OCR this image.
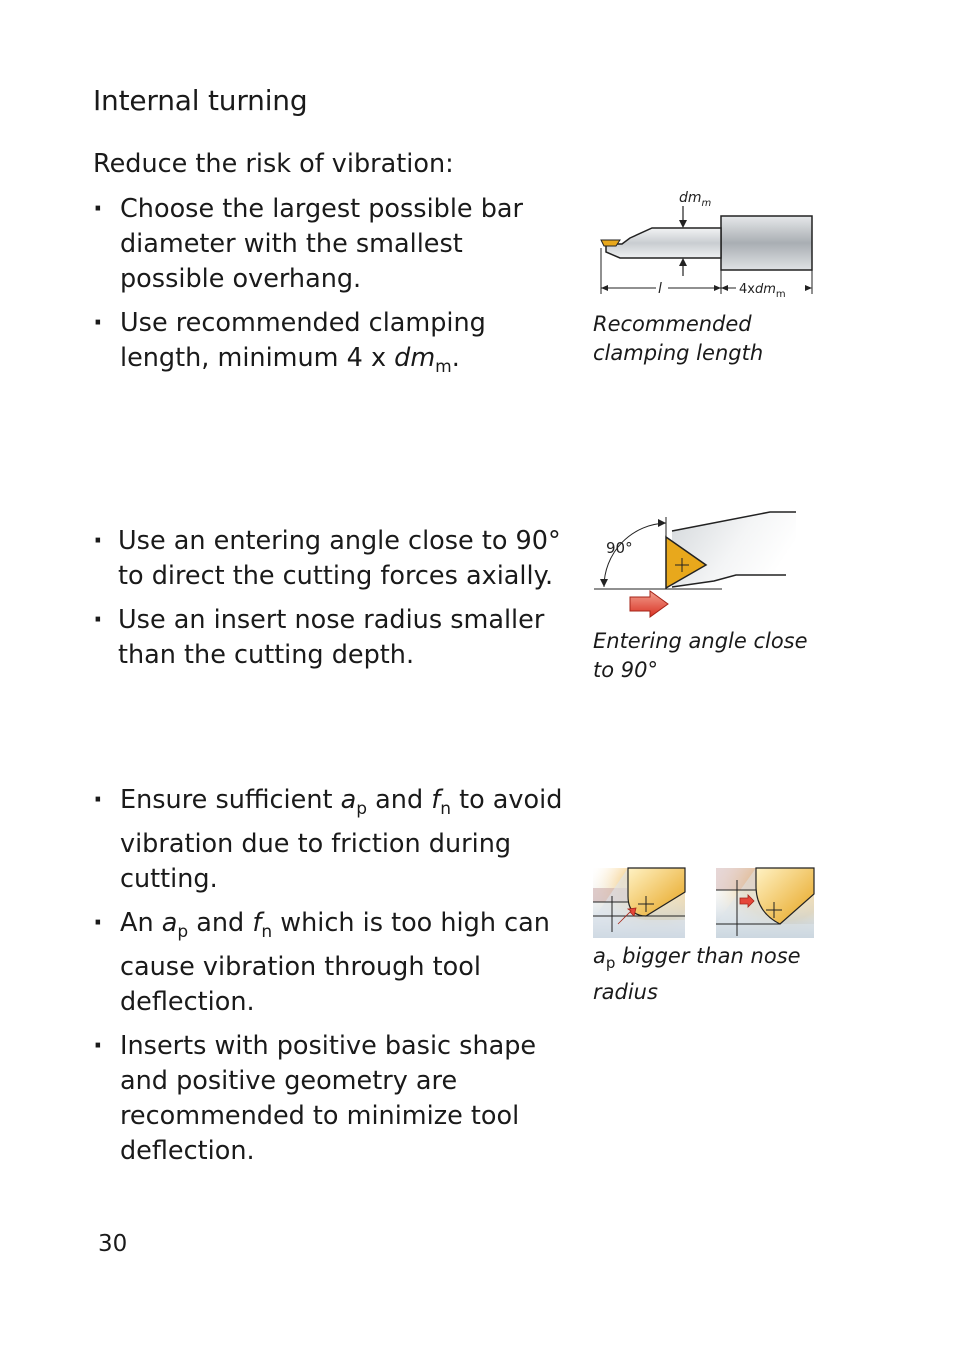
Internal turning
Reduce the risk of vibration:
· Choose the largest possible bar diameter with the smallest possible overhang.
· Use recommended clamping length, minimum 4 x $dm_m$.
$dm_m$
l	4xdm$_m$
Recommended clamping length
· Use an entering angle close to 90° to direct the cutting forces axially.
· Use an insert nose radius smaller than the cutting depth.
90°
Entering angle close to 90°
· Ensure sufficient $a_p$ and $f_n$ to avoid vibration due to friction during cutting.
· An $a_p$ and $f_n$ which is too high can cause vibration through tool deflection.
· Inserts with positive basic shape and positive geometry are recommended to minimize tool deflection.
$a_p$ bigger than nose radius
30
